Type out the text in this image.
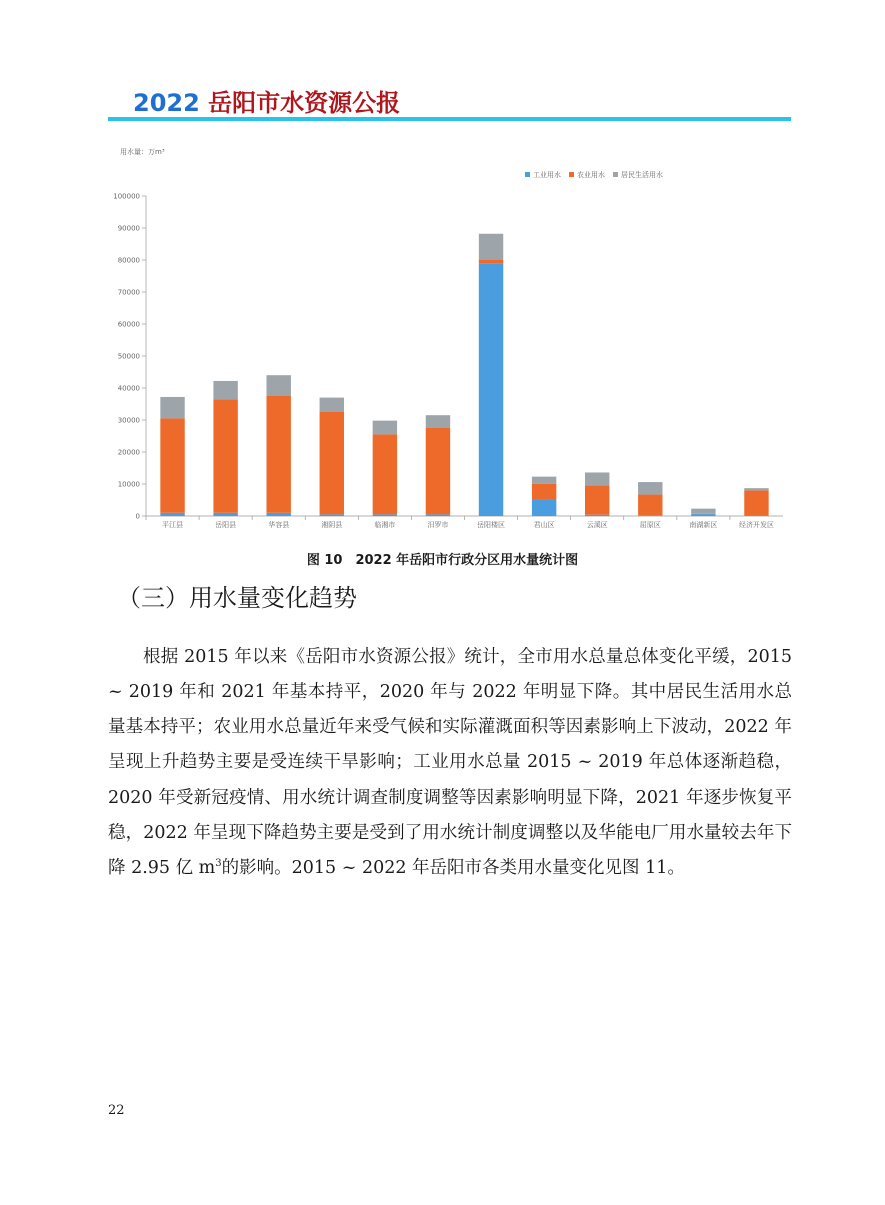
2022 岳阳市水资源公报
用水量：万m³
工业用水 农业用水 居民生活用水
0
10000
20000
30000
40000
50000
60000
70000
80000
90000
100000
平江县	岳阳县	华容县	湘阴县	临湘市	汨罗市	岳阳楼区	君山区	云溪区	屈原区	南湖新区	经济开发区
图 10　2022 年岳阳市行政分区用水量统计图
（三）用水量变化趋势

根据 2015 年以来《岳阳市水资源公报》统计，全市用水总量总体变化平缓，2015 ~ 2019 年和 2021 年基本持平，2020 年与 2022 年明显下降。其中居民生活用水总量基本持平；农业用水总量近年来受气候和实际灌溉面积等因素影响上下波动，2022 年呈现上升趋势主要是受连续干旱影响；工业用水总量 2015 ~ 2019 年总体逐渐趋稳，2020 年受新冠疫情、用水统计调查制度调整等因素影响明显下降，2021 年逐步恢复平稳，2022 年呈现下降趋势主要是受到了用水统计制度调整以及华能电厂用水量较去年下降 2.95 亿 $m^3$的影响。2015 ~ 2022 年岳阳市各类用水量变化见图 11。

22
